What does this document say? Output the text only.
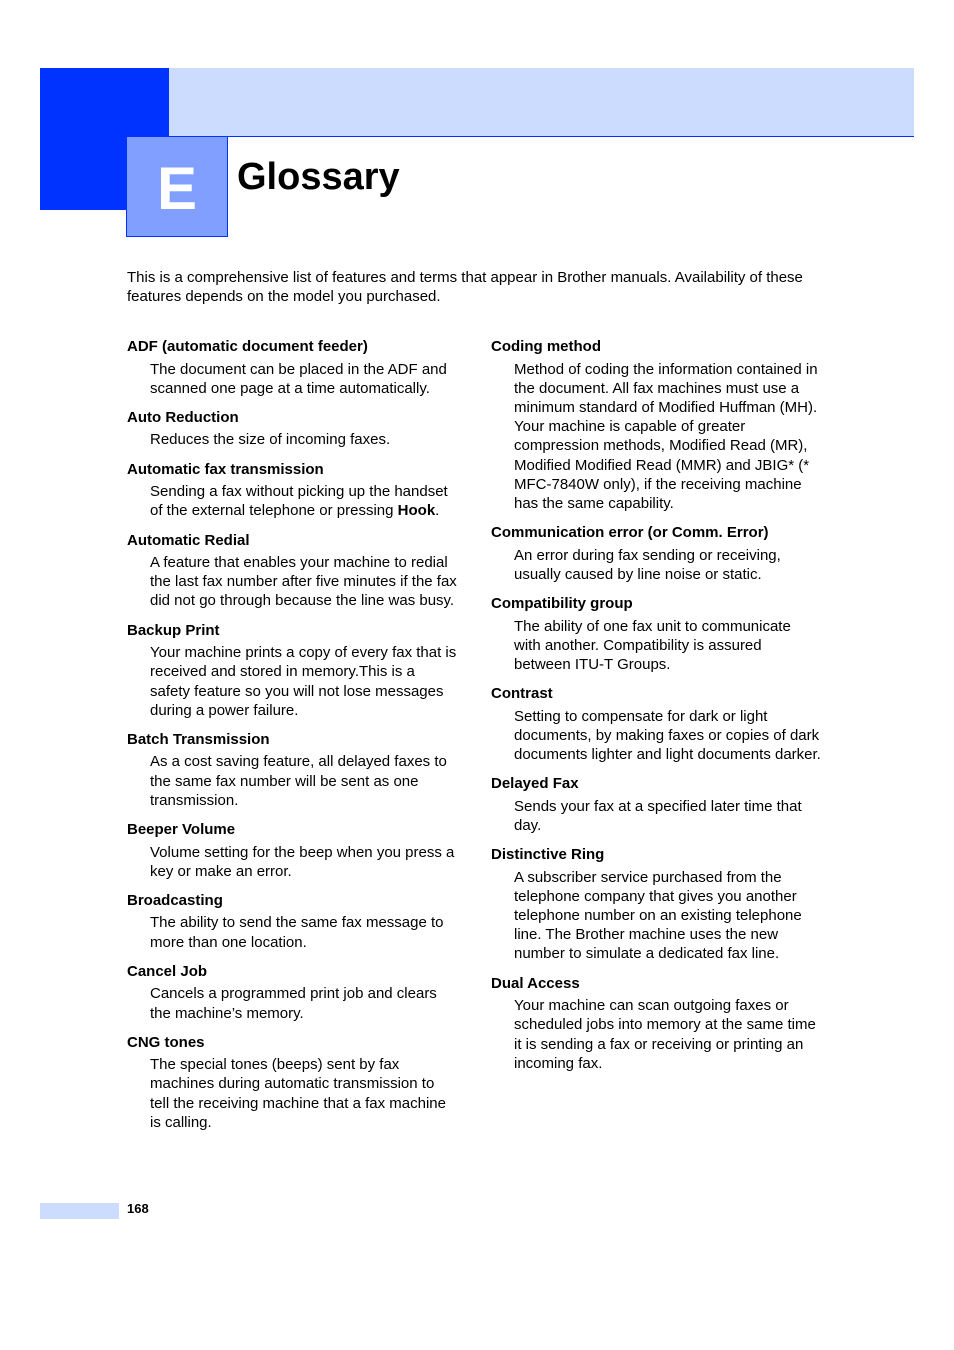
E Glossary

This is a comprehensive list of features and terms that appear in Brother manuals. Availability of these features depends on the model you purchased.

ADF (automatic document feeder)

The document can be placed in the ADF and scanned one page at a time automatically.

Auto Reduction

Reduces the size of incoming faxes.

Automatic fax transmission

Sending a fax without picking up the handset of the external telephone or pressing Hook.

Automatic Redial

A feature that enables your machine to redial the last fax number after five minutes if the fax did not go through because the line was busy.

Backup Print

Your machine prints a copy of every fax that is received and stored in memory.This is a safety feature so you will not lose messages during a power failure.

Batch Transmission

As a cost saving feature, all delayed faxes to the same fax number will be sent as one transmission.

Beeper Volume

Volume setting for the beep when you press a key or make an error.

Broadcasting

The ability to send the same fax message to more than one location.

Cancel Job

Cancels a programmed print job and clears the machine’s memory.

CNG tones

The special tones (beeps) sent by fax machines during automatic transmission to tell the receiving machine that a fax machine is calling.

Coding method

Method of coding the information contained in the document. All fax machines must use a minimum standard of Modified Huffman (MH). Your machine is capable of greater compression methods, Modified Read (MR), Modified Modified Read (MMR) and JBIG* (* MFC-7840W only), if the receiving machine has the same capability.

Communication error (or Comm. Error)

An error during fax sending or receiving, usually caused by line noise or static.

Compatibility group

The ability of one fax unit to communicate with another. Compatibility is assured between ITU-T Groups.

Contrast

Setting to compensate for dark or light documents, by making faxes or copies of dark documents lighter and light documents darker.

Delayed Fax

Sends your fax at a specified later time that day.

Distinctive Ring

A subscriber service purchased from the telephone company that gives you another telephone number on an existing telephone line. The Brother machine uses the new number to simulate a dedicated fax line.

Dual Access

Your machine can scan outgoing faxes or scheduled jobs into memory at the same time it is sending a fax or receiving or printing an incoming fax.

168
